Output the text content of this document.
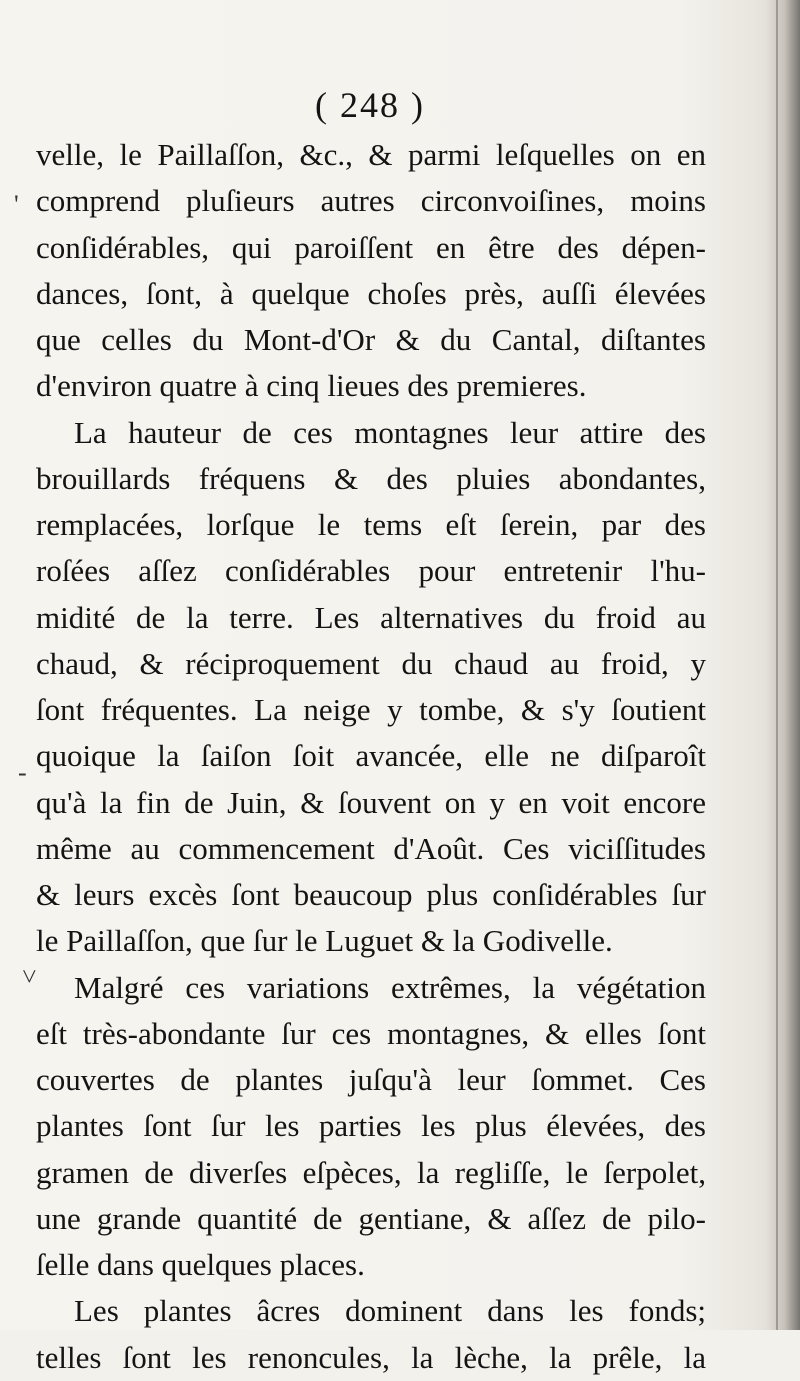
( 248 )
velle, le Paillaſſon, &c., & parmi leſquelles on en
comprend pluſieurs autres circonvoiſines, moins
conſidérables, qui paroiſſent en être des dépen-
dances, ſont, à quelque choſes près, auſſi élevées
que celles du Mont-d'Or & du Cantal, diſtantes
d'environ quatre à cinq lieues des premieres.
La hauteur de ces montagnes leur attire des
brouillards fréquens & des pluies abondantes,
remplacées, lorſque le tems eſt ſerein, par des
roſées aſſez conſidérables pour entretenir l'hu-
midité de la terre. Les alternatives du froid au
chaud, & réciproquement du chaud au froid, y
ſont fréquentes. La neige y tombe, & s'y ſoutient
quoique la ſaiſon ſoit avancée, elle ne diſparoît
qu'à la fin de Juin, & ſouvent on y en voit encore
même au commencement d'Août. Ces viciſſitudes
& leurs excès ſont beaucoup plus conſidérables ſur
le Paillaſſon, que ſur le Luguet & la Godivelle.
Malgré ces variations extrêmes, la végétation
eſt très-abondante ſur ces montagnes, & elles ſont
couvertes de plantes juſqu'à leur ſommet. Ces
plantes ſont ſur les parties les plus élevées, des
gramen de diverſes eſpèces, la regliſſe, le ſerpolet,
une grande quantité de gentiane, & aſſez de pilo-
ſelle dans quelques places.
Les plantes âcres dominent dans les fonds;
telles ſont les renoncules, la lèche, la prêle, la
'
-
˅
